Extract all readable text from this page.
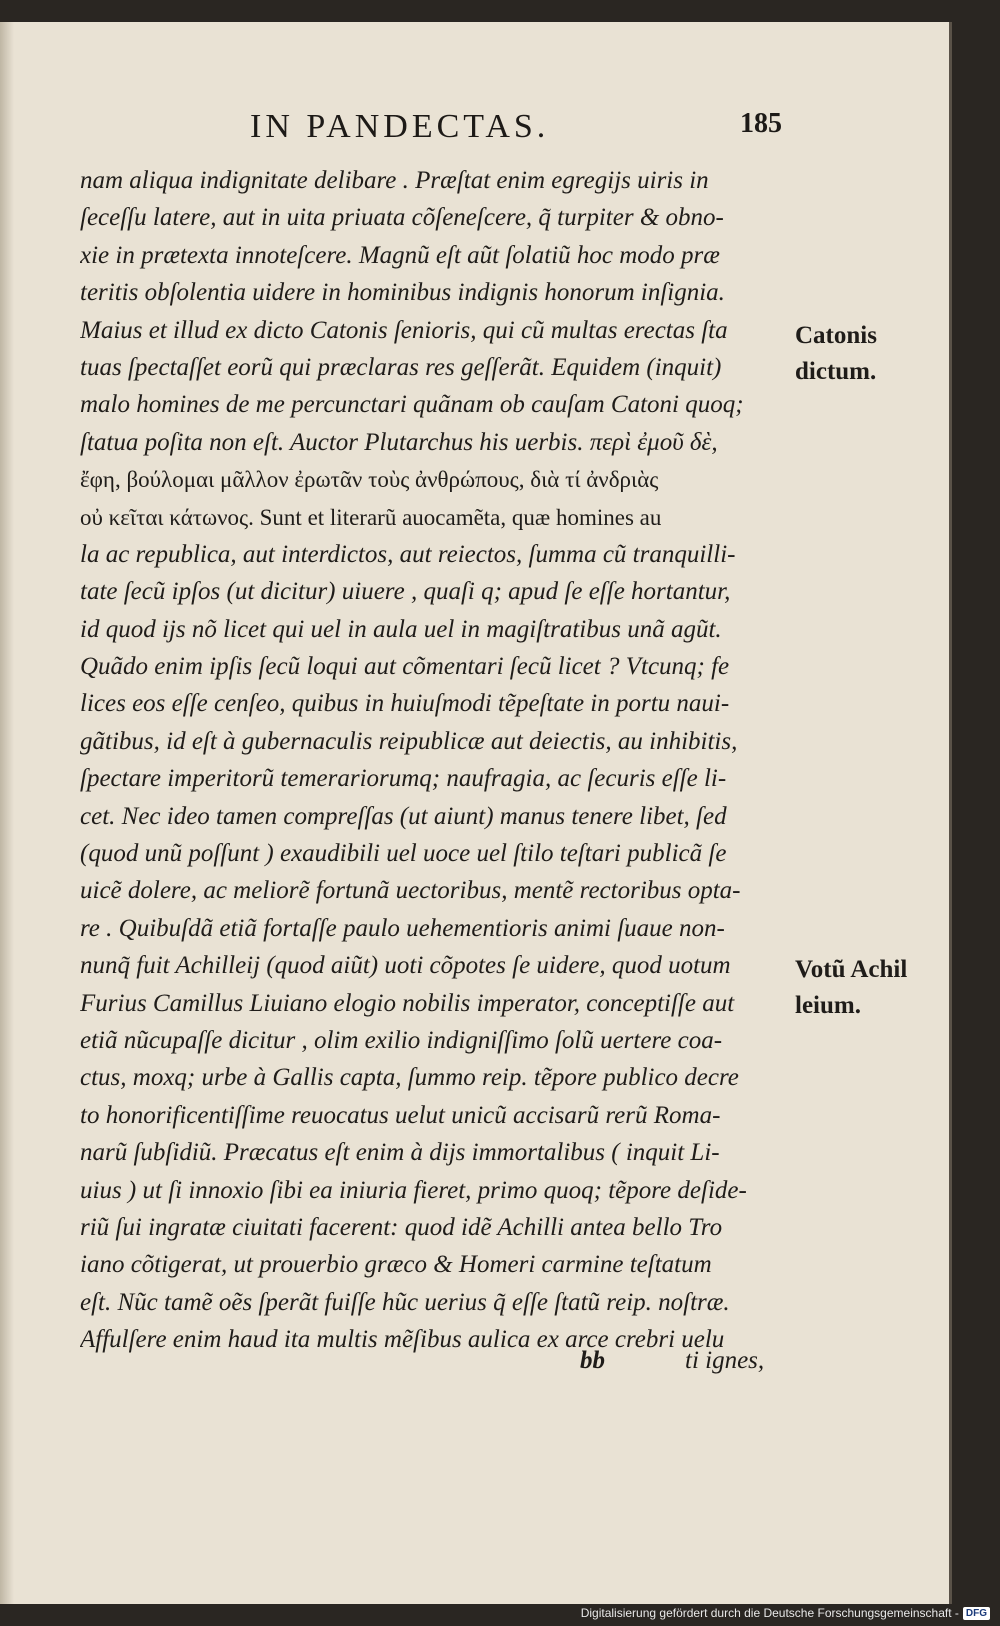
IN PANDECTAS.	185
nam aliqua indignitate delibare . Præſtat enim egregijs uiris in
ſeceſſu latere, aut in uita priuata cõſeneſcere, q̃ turpiter & obno-
xie in prætexta innoteſcere. Magnũ eſt aũt ſolatiũ hoc modo præ
teritis obſolentia uidere in hominibus indignis honorum inſignia.
Maius et illud ex dicto Catonis ſenioris, qui cũ multas erectas ſta
tuas ſpectaſſet eorũ qui præclaras res geſſerãt. Equidem (inquit)
malo homines de me percunctari quãnam ob cauſam Catoni quoq;
ſtatua poſita non eſt. Auctor Plutarchus his uerbis. περὶ ἐμοῦ δὲ,
ἔφη, βούλομαι μᾶλλον ἐρωτᾶν τοὺς ἀνθρώπους, διὰ τί ἀνδριὰς
οὐ κεῖται κάτωνος. Sunt et literarũ auocamẽta, quæ homines au
la ac republica, aut interdictos, aut reiectos, ſumma cũ tranquilli-
tate ſecũ ipſos (ut dicitur) uiuere , quaſi q; apud ſe eſſe hortantur,
id quod ijs nõ licet qui uel in aula uel in magiſtratibus unã agũt.
Quãdo enim ipſis ſecũ loqui aut cõmentari ſecũ licet ? Vtcunq; fe
lices eos eſſe cenſeo, quibus in huiuſmodi tẽpeſtate in portu naui-
gãtibus, id eſt à gubernaculis reipublicæ aut deiectis, au inhibitis,
ſpectare imperitorũ temerariorumq; naufragia, ac ſecuris eſſe li-
cet. Nec ideo tamen compreſſas (ut aiunt) manus tenere libet, ſed
(quod unũ poſſunt ) exaudibili uel uoce uel ſtilo teſtari publicã ſe
uicẽ dolere, ac meliorẽ fortunã uectoribus, mentẽ rectoribus opta-
re . Quibuſdã etiã fortaſſe paulo uehementioris animi ſuaue non-
nunq̃ fuit Achilleij (quod aiũt) uoti cõpotes ſe uidere, quod uotum
Furius Camillus Liuiano elogio nobilis imperator, conceptiſſe aut
etiã nũcupaſſe dicitur , olim exilio indigniſſimo ſolũ uertere coa-
ctus, moxq; urbe à Gallis capta, ſummo reip. tẽpore publico decre
to honorificentiſſime reuocatus uelut unicũ accisarũ rerũ Roma-
narũ ſubſidiũ. Præcatus eſt enim à dijs immortalibus ( inquit Li-
uius ) ut ſi innoxio ſibi ea iniuria fieret, primo quoq; tẽpore deſide-
riũ ſui ingratæ ciuitati facerent: quod idẽ Achilli antea bello Tro
iano cõtigerat, ut prouerbio græco & Homeri carmine teſtatum
eſt. Nũc tamẽ oẽs ſperãt fuiſſe hũc uerius q̃ eſſe ſtatũ reip. noſtræ.
Affulſere enim haud ita multis mẽſibus aulica ex arce crebri uelu
Catonis
dictum.
Votũ Achil
leium.
bb	ti ignes,
Digitalisierung gefördert durch die Deutsche Forschungsgemeinschaft - DFG
